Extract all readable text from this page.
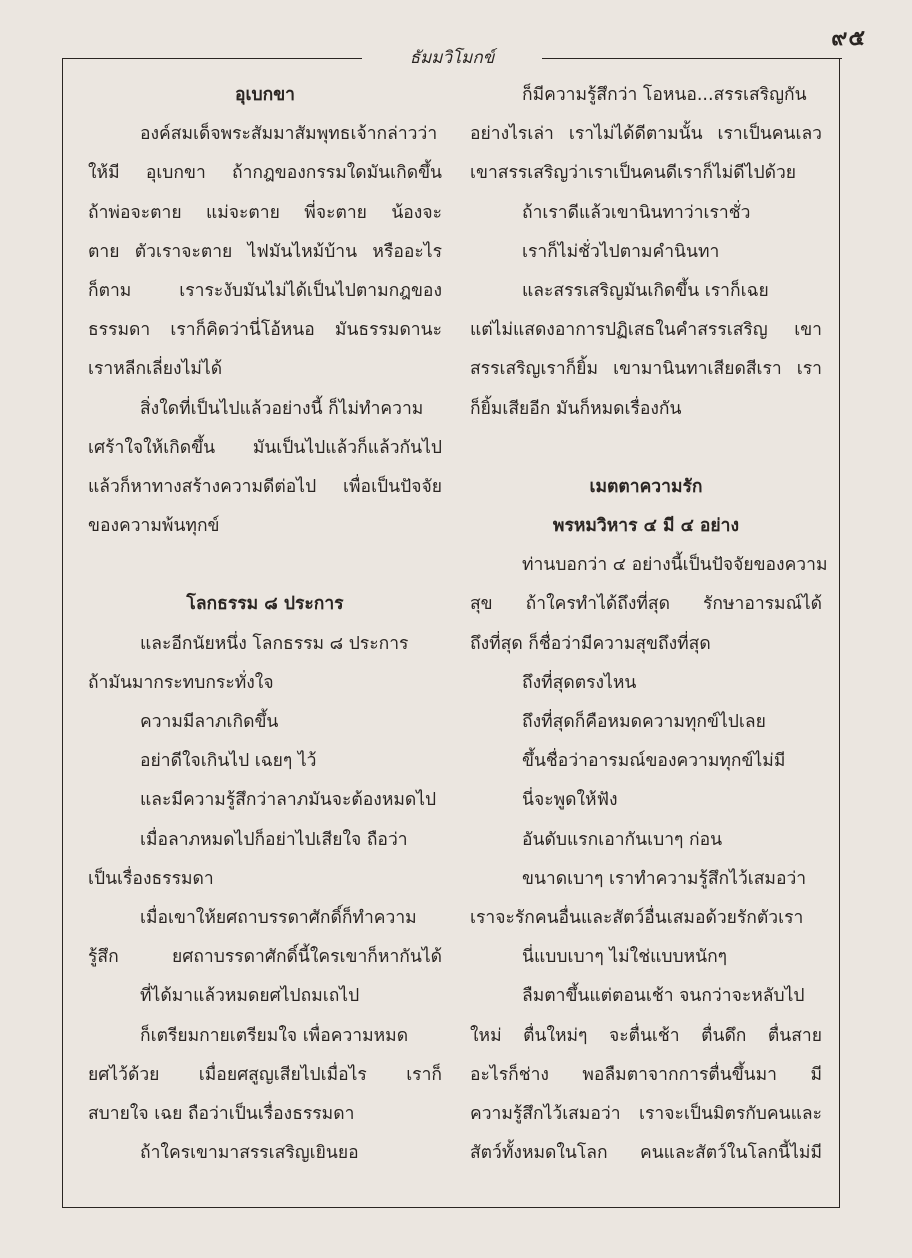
๙๕
ธัมมวิโมกข์
อุเบกขา
องค์สมเด็จพระสัมมาสัมพุทธเจ้ากล่าวว่า
ให้มี อุเบกขา ถ้ากฎของกรรมใดมันเกิดขึ้น
ถ้าพ่อจะตาย แม่จะตาย พี่จะตาย น้องจะ
ตาย ตัวเราจะตาย ไฟมันไหม้บ้าน หรืออะไร
ก็ตาม เราระงับมันไม่ได้เป็นไปตามกฎของ
ธรรมดา เราก็คิดว่านี่โอ้หนอ มันธรรมดานะ
เราหลีกเลี่ยงไม่ได้
สิ่งใดที่เป็นไปแล้วอย่างนี้ ก็ไม่ทำความ
เศร้าใจให้เกิดขึ้น มันเป็นไปแล้วก็แล้วกันไป
แล้วก็หาทางสร้างความดีต่อไป เพื่อเป็นปัจจัย
ของความพ้นทุกข์
โลกธรรม ๘ ประการ
และอีกนัยหนึ่ง โลกธรรม ๘ ประการ
ถ้ามันมากระทบกระทั่งใจ
ความมีลาภเกิดขึ้น
อย่าดีใจเกินไป เฉยๆ ไว้
และมีความรู้สึกว่าลาภมันจะต้องหมดไป
เมื่อลาภหมดไปก็อย่าไปเสียใจ ถือว่า
เป็นเรื่องธรรมดา
เมื่อเขาให้ยศถาบรรดาศักดิ์ก็ทำความ
รู้สึก ยศถาบรรดาศักดิ์นี้ใครเขาก็หากันได้
ที่ได้มาแล้วหมดยศไปถมเถไป
ก็เตรียมกายเตรียมใจ เพื่อความหมด
ยศไว้ด้วย เมื่อยศสูญเสียไปเมื่อไร เราก็
สบายใจ เฉย ถือว่าเป็นเรื่องธรรมดา
ถ้าใครเขามาสรรเสริญเยินยอ
ก็มีความรู้สึกว่า โอหนอ...สรรเสริญกัน
อย่างไรเล่า เราไม่ได้ดีตามนั้น เราเป็นคนเลว
เขาสรรเสริญว่าเราเป็นคนดีเราก็ไม่ดีไปด้วย
ถ้าเราดีแล้วเขานินทาว่าเราชั่ว
เราก็ไม่ชั่วไปตามคำนินทา
และสรรเสริญมันเกิดขึ้น เราก็เฉย
แต่ไม่แสดงอาการปฏิเสธในคำสรรเสริญ เขา
สรรเสริญเราก็ยิ้ม เขามานินทาเสียดสีเรา เรา
ก็ยิ้มเสียอีก มันก็หมดเรื่องกัน
เมตตาความรัก
พรหมวิหาร ๔ มี ๔ อย่าง
ท่านบอกว่า ๔ อย่างนี้เป็นปัจจัยของความ
สุข ถ้าใครทำได้ถึงที่สุด รักษาอารมณ์ได้
ถึงที่สุด ก็ชื่อว่ามีความสุขถึงที่สุด
ถึงที่สุดตรงไหน
ถึงที่สุดก็คือหมดความทุกข์ไปเลย
ขึ้นชื่อว่าอารมณ์ของความทุกข์ไม่มี
นี่จะพูดให้ฟัง
อันดับแรกเอากันเบาๆ ก่อน
ขนาดเบาๆ เราทำความรู้สึกไว้เสมอว่า
เราจะรักคนอื่นและสัตว์อื่นเสมอด้วยรักตัวเรา
นี่แบบเบาๆ ไม่ใช่แบบหนักๆ
ลืมตาขึ้นแต่ตอนเช้า จนกว่าจะหลับไป
ใหม่ ตื่นใหม่ๆ จะตื่นเช้า ตื่นดึก ตื่นสาย
อะไรก็ช่าง พอลืมตาจากการตื่นขึ้นมา มี
ความรู้สึกไว้เสมอว่า เราจะเป็นมิตรกับคนและ
สัตว์ทั้งหมดในโลก คนและสัตว์ในโลกนี้ไม่มี
